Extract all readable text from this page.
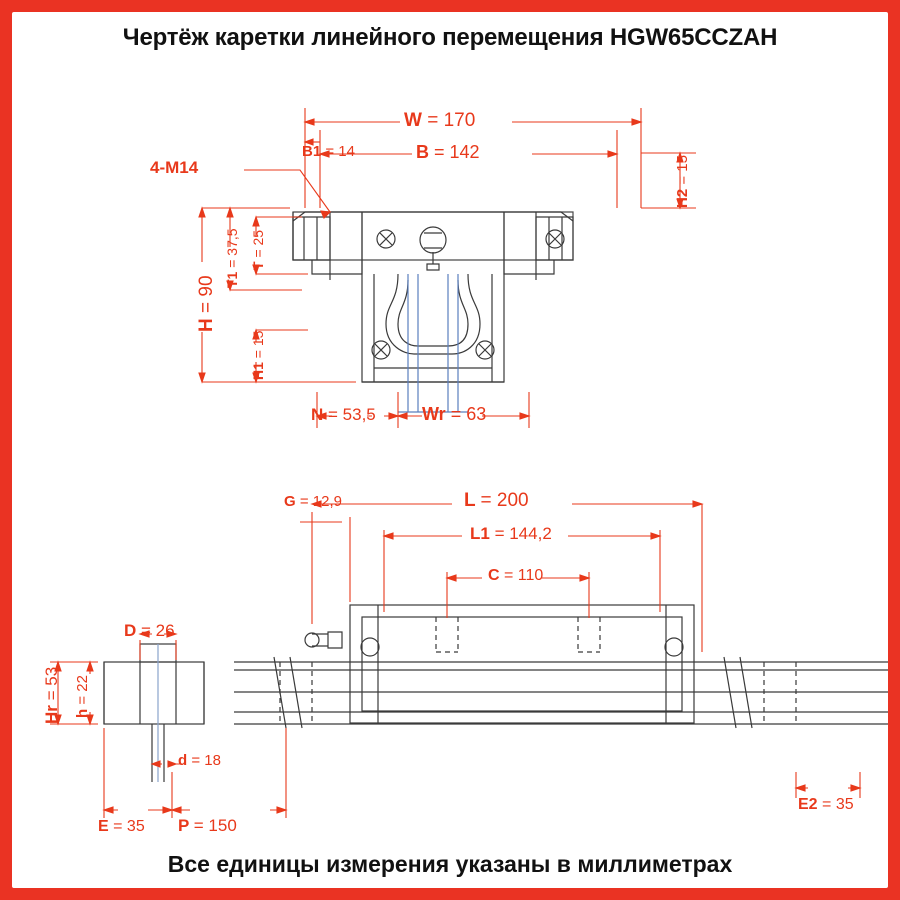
Чертёж каретки линейного перемещения HGW65CCZAH
W = 170
B1 = 14	B = 142
H2 = 15
H = 90 T1 = 37,5 T = 25
H1 = 15
N = 53,5	Wr = 63
4-M14
G = 12,9	L = 200
L1 = 144,2
C = 110
D = 26
Hr = 53
h = 22
d = 18
E = 35 P = 150
E2 = 35
Все единицы измерения указаны в миллиметрах
